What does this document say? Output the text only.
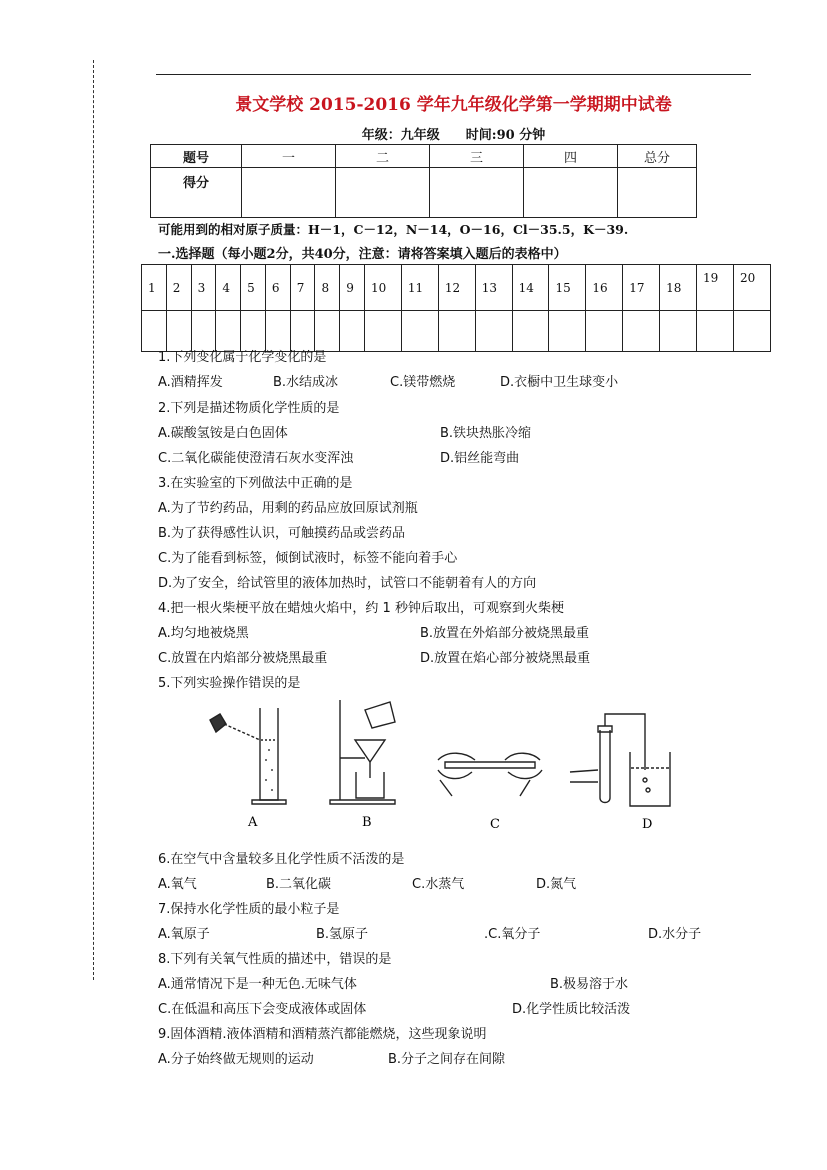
景文学校 2015-2016 学年九年级化学第一学期期中试卷
年级：九年级　　时间:90 分钟
题号	一	二	三	四	总分
得分					
可能用到的相对原子质量：H－1，C－12，N－14，O－16，Cl－35.5，K－39.
一.选择题（每小题2分，共40分，注意：请将答案填入题后的表格中）
1	2	3	4	5	6	7	8	9	10	11	12	13	14	15	16	17	18	19	20

1.下列变化属于化学变化的是
A.酒精挥发	B.水结成冰	C.镁带燃烧	D.衣橱中卫生球变小
2.下列是描述物质化学性质的是
A.碳酸氢铵是白色固体	B.铁块热胀冷缩
C.二氧化碳能使澄清石灰水变浑浊	D.铝丝能弯曲
3.在实验室的下列做法中正确的是
A.为了节约药品，用剩的药品应放回原试剂瓶
B.为了获得感性认识，可触摸药品或尝药品
C.为了能看到标签，倾倒试液时，标签不能向着手心
D.为了安全，给试管里的液体加热时，试管口不能朝着有人的方向
4.把一根火柴梗平放在蜡烛火焰中，约 1 秒钟后取出，可观察到火柴梗
A.均匀地被烧黑	B.放置在外焰部分被烧黑最重
C.放置在内焰部分被烧黑最重	D.放置在焰心部分被烧黑最重
5.下列实验操作错误的是
A	B	C	D
6.在空气中含量较多且化学性质不活泼的是
A.氧气	B.二氧化碳	C.水蒸气	D.氮气
7.保持水化学性质的最小粒子是
A.氧原子	B.氢原子	.C.氧分子	D.水分子
8.下列有关氧气性质的描述中，错误的是
A.通常情况下是一种无色.无味气体	B.极易溶于水
C.在低温和高压下会变成液体或固体	D.化学性质比较活泼
9.固体酒精.液体酒精和酒精蒸汽都能燃烧，这些现象说明
A.分子始终做无规则的运动	B.分子之间存在间隙
